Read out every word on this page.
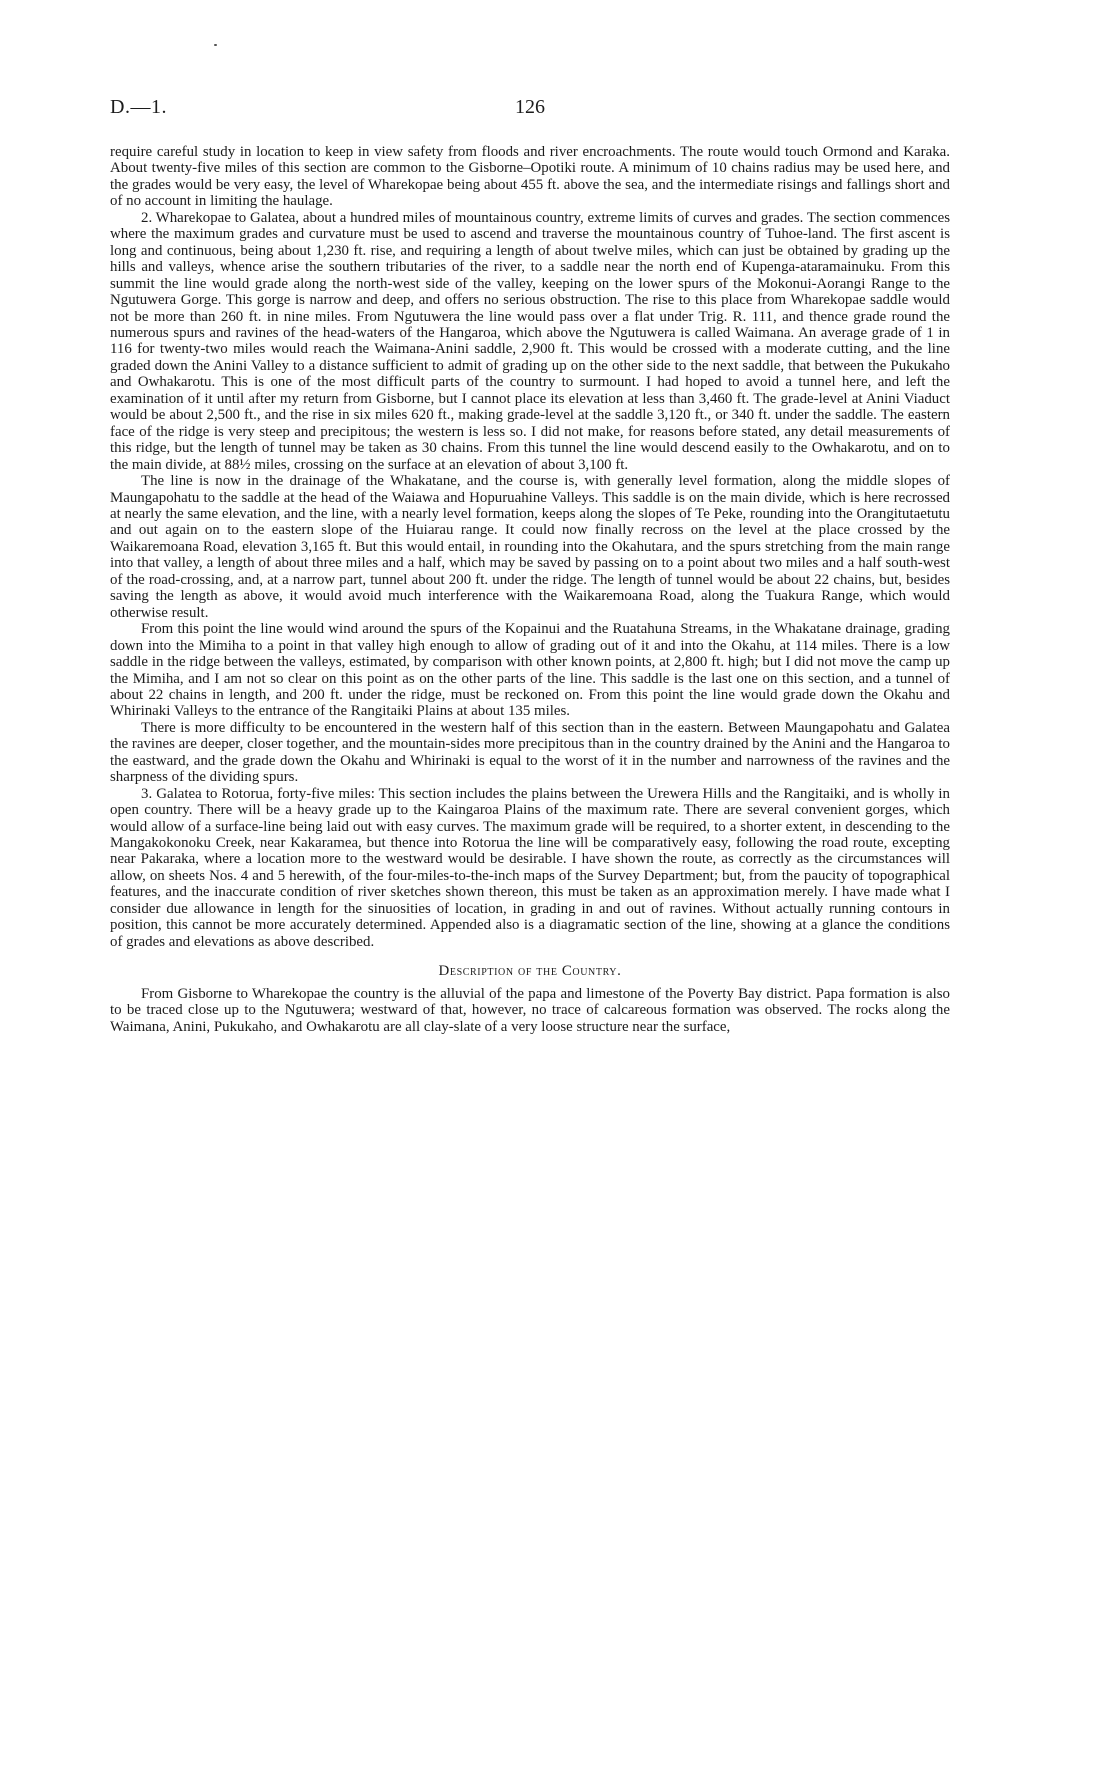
D.—1.	126

require careful study in location to keep in view safety from floods and river encroachments. The route would touch Ormond and Karaka. About twenty-five miles of this section are common to the Gisborne–Opotiki route. A minimum of 10 chains radius may be used here, and the grades would be very easy, the level of Wharekopae being about 455 ft. above the sea, and the intermediate risings and fallings short and of no account in limiting the haulage.

2. Wharekopae to Galatea, about a hundred miles of mountainous country, extreme limits of curves and grades. The section commences where the maximum grades and curvature must be used to ascend and traverse the mountainous country of Tuhoe-land. The first ascent is long and continuous, being about 1,230 ft. rise, and requiring a length of about twelve miles, which can just be obtained by grading up the hills and valleys, whence arise the southern tributaries of the river, to a saddle near the north end of Kupenga-ataramainuku. From this summit the line would grade along the north-west side of the valley, keeping on the lower spurs of the Mokonui-Aorangi Range to the Ngutuwera Gorge. This gorge is narrow and deep, and offers no serious obstruction. The rise to this place from Wharekopae saddle would not be more than 260 ft. in nine miles. From Ngutuwera the line would pass over a flat under Trig. R. 111, and thence grade round the numerous spurs and ravines of the head-waters of the Hangaroa, which above the Ngutuwera is called Waimana. An average grade of 1 in 116 for twenty-two miles would reach the Waimana-Anini saddle, 2,900 ft. This would be crossed with a moderate cutting, and the line graded down the Anini Valley to a distance sufficient to admit of grading up on the other side to the next saddle, that between the Pukukaho and Owhakarotu. This is one of the most difficult parts of the country to surmount. I had hoped to avoid a tunnel here, and left the examination of it until after my return from Gisborne, but I cannot place its elevation at less than 3,460 ft. The grade-level at Anini Viaduct would be about 2,500 ft., and the rise in six miles 620 ft., making grade-level at the saddle 3,120 ft., or 340 ft. under the saddle. The eastern face of the ridge is very steep and precipitous; the western is less so. I did not make, for reasons before stated, any detail measurements of this ridge, but the length of tunnel may be taken as 30 chains. From this tunnel the line would descend easily to the Owhakarotu, and on to the main divide, at 88½ miles, crossing on the surface at an elevation of about 3,100 ft.

The line is now in the drainage of the Whakatane, and the course is, with generally level formation, along the middle slopes of Maungapohatu to the saddle at the head of the Waiawa and Hopuruahine Valleys. This saddle is on the main divide, which is here recrossed at nearly the same elevation, and the line, with a nearly level formation, keeps along the slopes of Te Peke, rounding into the Orangitutaetutu and out again on to the eastern slope of the Huiarau range. It could now finally recross on the level at the place crossed by the Waikaremoana Road, elevation 3,165 ft. But this would entail, in rounding into the Okahutara, and the spurs stretching from the main range into that valley, a length of about three miles and a half, which may be saved by passing on to a point about two miles and a half south-west of the road-crossing, and, at a narrow part, tunnel about 200 ft. under the ridge. The length of tunnel would be about 22 chains, but, besides saving the length as above, it would avoid much interference with the Waikaremoana Road, along the Tuakura Range, which would otherwise result.

From this point the line would wind around the spurs of the Kopainui and the Ruatahuna Streams, in the Whakatane drainage, grading down into the Mimiha to a point in that valley high enough to allow of grading out of it and into the Okahu, at 114 miles. There is a low saddle in the ridge between the valleys, estimated, by comparison with other known points, at 2,800 ft. high; but I did not move the camp up the Mimiha, and I am not so clear on this point as on the other parts of the line. This saddle is the last one on this section, and a tunnel of about 22 chains in length, and 200 ft. under the ridge, must be reckoned on. From this point the line would grade down the Okahu and Whirinaki Valleys to the entrance of the Rangitaiki Plains at about 135 miles.

There is more difficulty to be encountered in the western half of this section than in the eastern. Between Maungapohatu and Galatea the ravines are deeper, closer together, and the mountain-sides more precipitous than in the country drained by the Anini and the Hangaroa to the eastward, and the grade down the Okahu and Whirinaki is equal to the worst of it in the number and narrowness of the ravines and the sharpness of the dividing spurs.

3. Galatea to Rotorua, forty-five miles: This section includes the plains between the Urewera Hills and the Rangitaiki, and is wholly in open country. There will be a heavy grade up to the Kaingaroa Plains of the maximum rate. There are several convenient gorges, which would allow of a surface-line being laid out with easy curves. The maximum grade will be required, to a shorter extent, in descending to the Mangakokonoku Creek, near Kakaramea, but thence into Rotorua the line will be comparatively easy, following the road route, excepting near Pakaraka, where a location more to the westward would be desirable. I have shown the route, as correctly as the circumstances will allow, on sheets Nos. 4 and 5 herewith, of the four-miles-to-the-inch maps of the Survey Department; but, from the paucity of topographical features, and the inaccurate condition of river sketches shown thereon, this must be taken as an approximation merely. I have made what I consider due allowance in length for the sinuosities of location, in grading in and out of ravines. Without actually running contours in position, this cannot be more accurately determined. Appended also is a diagramatic section of the line, showing at a glance the conditions of grades and elevations as above described.

Description of the Country.

From Gisborne to Wharekopae the country is the alluvial of the papa and limestone of the Poverty Bay district. Papa formation is also to be traced close up to the Ngutuwera; westward of that, however, no trace of calcareous formation was observed. The rocks along the Waimana, Anini, Pukukaho, and Owhakarotu are all clay-slate of a very loose structure near the surface,
